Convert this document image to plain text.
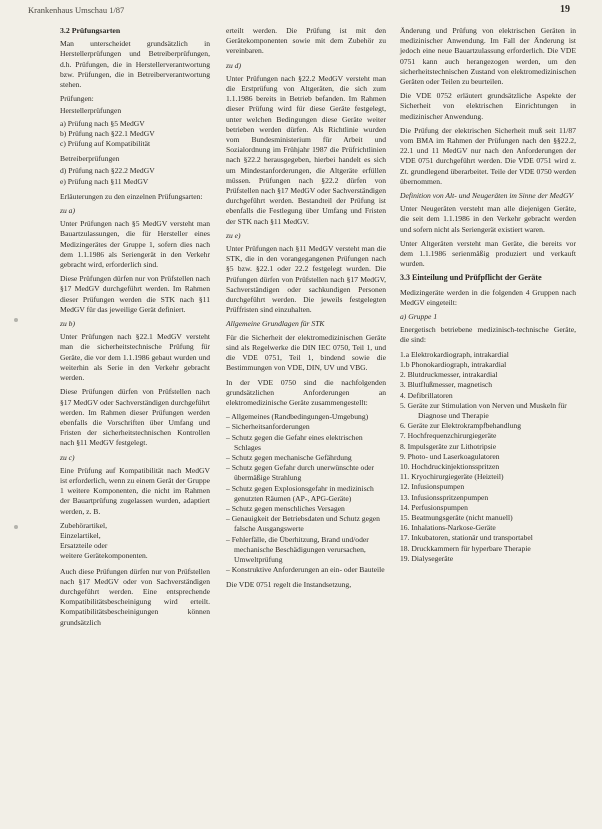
Krankenhaus Umschau 1/87	19
3.2 Prüfungsarten

Man unterscheidet grundsätzlich in Herstellerprüfungen und Betreiberprüfungen, d.h. Prüfungen, die in Herstellerverantwortung bzw. Prüfungen, die in Betreiberverantwortung stehen.

Prüfungen:
Herstellerprüfungen
a) Prüfung nach §5 MedGV
b) Prüfung nach §22.1 MedGV
c) Prüfung auf Kompatibilität
Betreiberprüfungen
d) Prüfung nach §22.2 MedGV
e) Prüfung nach §11 MedGV

Erläuterungen zu den einzelnen Prüfungsarten:

zu a)

Unter Prüfungen nach §5 MedGV versteht man Bauartzulassungen, die für Hersteller eines Medizingerätes der Gruppe 1, sofern dies nach dem 1.1.1986 als Seriengerät in den Verkehr gebracht wird, erforderlich sind.

Diese Prüfungen dürfen nur von Prüfstellen nach §17 MedGV durchgeführt werden. Im Rahmen dieser Prüfungen werden die STK nach §11 MedGV für das jeweilige Gerät definiert.

zu b)

Unter Prüfungen nach §22.1 MedGV versteht man die sicherheitstechnische Prüfung für Geräte, die vor dem 1.1.1986 gebaut wurden und weiterhin als Serie in den Verkehr gebracht werden.

Diese Prüfungen dürfen von Prüfstellen nach §17 MedGV oder Sachverständigen durchgeführt werden. Im Rahmen dieser Prüfungen werden ebenfalls die Vorschriften über Umfang und Fristen der sicherheitstechnischen Kontrollen nach §11 MedGV festgelegt.

zu c)

Eine Prüfung auf Kompatibilität nach MedGV ist erforderlich, wenn zu einem Gerät der Gruppe 1 weitere Komponenten, die nicht im Rahmen der Bauartprüfung zugelassen wurden, adaptiert werden, z. B.

Zubehörartikel,
Einzelartikel,
Ersatzteile oder
weitere Gerätekomponenten.

Auch diese Prüfungen dürfen nur von Prüfstellen nach §17 MedGV oder von Sachverständigen durchgeführt werden. Eine entsprechende Kompatibilitätsbescheinigung wird erteilt. Kompatibilitätsbescheinigungen können grundsätzlich

erteilt werden. Die Prüfung ist mit den Gerätekomponenten sowie mit dem Zubehör zu vereinbaren.

zu d)

Unter Prüfungen nach §22.2 MedGV versteht man die Erstprüfung von Altgeräten, die sich zum 1.1.1986 bereits in Betrieb befanden. Im Rahmen dieser Prüfung wird für diese Geräte festgelegt, unter welchen Bedingungen diese Geräte weiter betrieben werden dürfen. Als Richtlinie wurden vom Bundesministerium für Arbeit und Sozialordnung im Frühjahr 1987 die Prüfrichtlinien nach §22.2 herausgegeben, hierbei handelt es sich um Mindestanforderungen, die Altgeräte erfüllen müssen. Prüfungen nach §22.2 dürfen von Prüfstellen nach §17 MedGV oder Sachverständigen durchgeführt werden. Bestandteil der Prüfung ist ebenfalls die Festlegung über Umfang und Fristen der STK nach §11 MedGV.

zu e)

Unter Prüfungen nach §11 MedGV versteht man die STK, die in den vorangegangenen Prüfungen nach §5 bzw. §22.1 oder 22.2 festgelegt wurden. Die Prüfungen dürfen von Prüfstellen nach §17 MedGV, Sachverständigen oder sachkundigen Personen durchgeführt werden. Die jeweils festgelegten Prüffristen sind einzuhalten.

Allgemeine Grundlagen für STK

Für die Sicherheit der elektromedizinischen Geräte sind als Regelwerke die DIN IEC 0750, Teil 1, und die VDE 0751, Teil 1, bindend sowie die Bestimmungen von VDE, DIN, UV und VBG.

In der VDE 0750 sind die nachfolgenden grundsätzlichen Anforderungen an elektromedizinische Geräte zusammengestellt:

– Allgemeines (Randbedingungen-Umgebung)
– Sicherheitsanforderungen
– Schutz gegen die Gefahr eines elektrischen Schlages
– Schutz gegen mechanische Gefährdung
– Schutz gegen Gefahr durch unerwünschte oder übermäßige Strahlung
– Schutz gegen Explosionsgefahr in medizinisch genutzten Räumen (AP-, APG-Geräte)
– Schutz gegen menschliches Versagen
– Genauigkeit der Betriebsdaten und Schutz gegen falsche Ausgangswerte
– Fehlerfälle, die Überhitzung, Brand und/oder mechanische Beschädigungen verursachen, Umweltprüfung
– Konstruktive Anforderungen an ein- oder Bauteile

Die VDE 0751 regelt die Instandsetzung,

Änderung und Prüfung von elektrischen Geräten in medizinischer Anwendung. Im Fall der Änderung ist jedoch eine neue Bauartzulassung erforderlich. Die VDE 0751 kann auch herangezogen werden, um den sicherheitstechnischen Zustand von elektromedizinischen Geräten oder Teilen zu beurteilen.

Die VDE 0752 erläutert grundsätzliche Aspekte der Sicherheit von elektrischen Einrichtungen in medizinischer Anwendung.

Die Prüfung der elektrischen Sicherheit muß seit 11/87 vom BMA im Rahmen der Prüfungen nach den §§22.2, 22.1 und 11 MedGV nur nach den Anforderungen der VDE 0751 durchgeführt werden. Die VDE 0751 wird z. Zt. grundlegend überarbeitet. Teile der VDE 0750 werden übernommen.

Definition von Alt- und Neugeräten im Sinne der MedGV

Unter Neugeräten versteht man alle diejenigen Geräte, die seit dem 1.1.1986 in den Verkehr gebracht werden und sofern nicht als Seriengerät existiert waren.

Unter Altgeräten versteht man Geräte, die bereits vor dem 1.1.1986 serienmäßig produziert und verkauft wurden.

3.3 Einteilung und Prüfpflicht der Geräte

Medizingeräte werden in die folgenden 4 Gruppen nach MedGV eingeteilt:

a) Gruppe 1

Energetisch betriebene medizinisch-technische Geräte, die sind:

1.a Elektrokardiograph, intrakardial
1.b Phonokardiograph, intrakardial
2. Blutdruckmesser, intrakardial
3. Blutflußmesser, magnetisch
4. Defibrillatoren
5. Geräte zur Stimulation von Nerven und Muskeln für Diagnose und Therapie
6. Geräte zur Elektrokrampfbehandlung
7. Hochfrequenzchirurgiegeräte
8. Impulsgeräte zur Lithotripsie
9. Photo- und Laserkoagulatoren
10. Hochdruckinjektionsspritzen
11. Kryochirurgiegeräte (Heizteil)
12. Infusionspumpen
13. Infusionsspritzenpumpen
14. Perfusionspumpen
15. Beatmungsgeräte (nicht manuell)
16. Inhalations-Narkose-Geräte
17. Inkubatoren, stationär und transportabel
18. Druckkammern für hyperbare Therapie
19. Dialysegeräte
